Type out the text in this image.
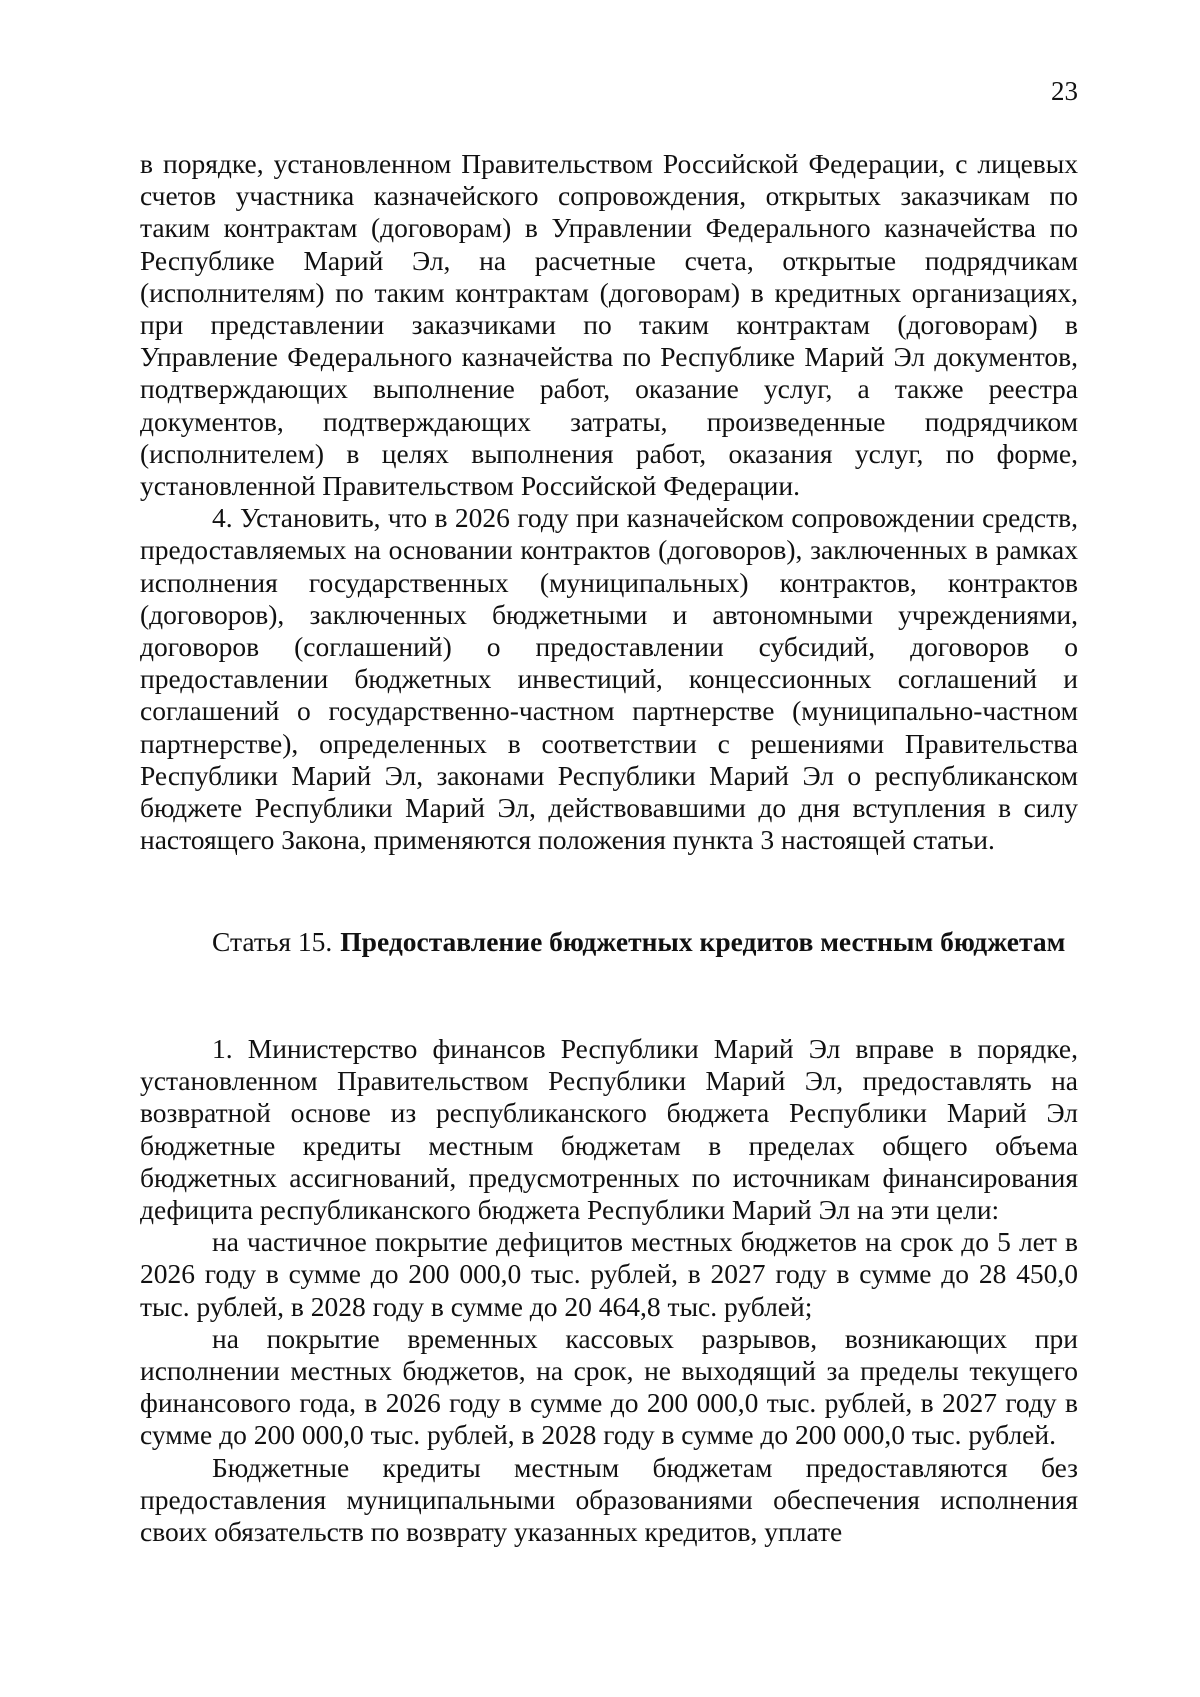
23

в порядке, установленном Правительством Российской Федерации, с лицевых счетов участника казначейского сопровождения, открытых заказчикам по таким контрактам (договорам) в Управлении Федерального казначейства по Республике Марий Эл, на расчетные счета, открытые подрядчикам (исполнителям) по таким контрактам (договорам) в кредитных организациях, при представлении заказчиками по таким контрактам (договорам) в Управление Федерального казначейства по Республике Марий Эл документов, подтверждающих выполнение работ, оказание услуг, а также реестра документов, подтверждающих затраты, произведенные подрядчиком (исполнителем) в целях выполнения работ, оказания услуг, по форме, установленной Правительством Российской Федерации.

4. Установить, что в 2026 году при казначейском сопровождении средств, предоставляемых на основании контрактов (договоров), заключенных в рамках исполнения государственных (муниципальных) контрактов, контрактов (договоров), заключенных бюджетными и автономными учреждениями, договоров (соглашений) о предоставлении субсидий, договоров о предоставлении бюджетных инвестиций, концессионных соглашений и соглашений о государственно-частном партнерстве (муниципально-частном партнерстве), определенных в соответствии с решениями Правительства Республики Марий Эл, законами Республики Марий Эл о республиканском бюджете Республики Марий Эл, действовавшими до дня вступления в силу настоящего Закона, применяются положения пункта 3 настоящей статьи.

Статья 15. Предоставление бюджетных кредитов местным бюджетам

1. Министерство финансов Республики Марий Эл вправе в порядке, установленном Правительством Республики Марий Эл, предоставлять на возвратной основе из республиканского бюджета Республики Марий Эл бюджетные кредиты местным бюджетам в пределах общего объема бюджетных ассигнований, предусмотренных по источникам финансирования дефицита республиканского бюджета Республики Марий Эл на эти цели:

на частичное покрытие дефицитов местных бюджетов на срок до 5 лет в 2026 году в сумме до 200 000,0 тыс. рублей, в 2027 году в сумме до 28 450,0 тыс. рублей, в 2028 году в сумме до 20 464,8 тыс. рублей;

на покрытие временных кассовых разрывов, возникающих при исполнении местных бюджетов, на срок, не выходящий за пределы текущего финансового года, в 2026 году в сумме до 200 000,0 тыс. рублей, в 2027 году в сумме до 200 000,0 тыс. рублей, в 2028 году в сумме до 200 000,0 тыс. рублей.

Бюджетные кредиты местным бюджетам предоставляются без предоставления муниципальными образованиями обеспечения исполнения своих обязательств по возврату указанных кредитов, уплате
